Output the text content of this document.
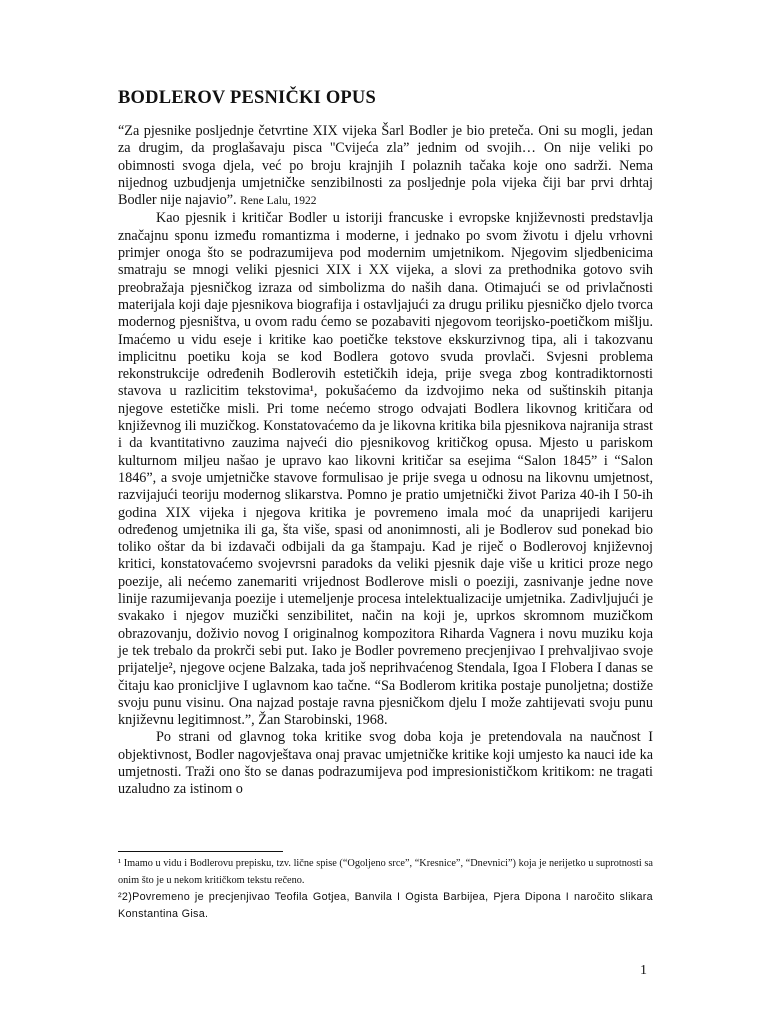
BODLEROV PESNIČKI OPUS

“Za pjesnike posljednje četvrtine XIX vijeka Šarl Bodler je bio preteča. Oni su mogli, jedan za drugim, da proglašavaju pisca ''Cvijeća zla” jednim od svojih… On nije veliki po obimnosti svoga djela, već po broju krajnjih I polaznih tačaka koje ono sadrži. Nema nijednog uzbudjenja umjetničke senzibilnosti za posljednje pola vijeka čiji bar prvi drhtaj Bodler nije najavio”. Rene Lalu, 1922

Kao pjesnik i kritičar Bodler u istoriji francuske i evropske književnosti predstavlja značajnu sponu između romantizma i moderne, i jednako po svom životu i djelu vrhovni primjer onoga što se podrazumijeva pod modernim umjetnikom. Njegovim sljedbenicima smatraju se mnogi veliki pjesnici XIX i XX vijeka, a slovi za prethodnika gotovo svih preobražaja pjesničkog izraza od simbolizma do naših dana. Otimajući se od privlačnosti materijala koji daje pjesnikova biografija i ostavljajući za drugu priliku pjesničko djelo tvorca modernog pjesništva, u ovom radu ćemo se pozabaviti njegovom teorijsko-poetičkom mišlju. Imaćemo u vidu eseje i kritike kao poetičke tekstove ekskurzivnog tipa, ali i takozvanu implicitnu poetiku koja se kod Bodlera gotovo svuda provlači. Svjesni problema rekonstrukcije određenih Bodlerovih estetičkih ideja, prije svega zbog kontradiktornosti stavova u razlicitim tekstovima¹, pokušaćemo da izdvojimo neka od suštinskih pitanja njegove estetičke misli. Pri tome nećemo strogo odvajati Bodlera likovnog kritičara od književnog ili muzičkog. Konstatovaćemo da je likovna kritika bila pjesnikova najranija strast i da kvantitativno zauzima najveći dio pjesnikovog kritičkog opusa. Mjesto u pariskom kulturnom miljeu našao je upravo kao likovni kritičar sa esejima “Salon 1845” i “Salon 1846”, a svoje umjetničke stavove formulisao je prije svega u odnosu na likovnu umjetnost, razvijajući teoriju modernog slikarstva. Pomno je pratio umjetnički život Pariza 40-ih I 50-ih godina XIX vijeka i njegova kritika je povremeno imala moć da unaprijedi karijeru određenog umjetnika ili ga, šta više, spasi od anonimnosti, ali je Bodlerov sud ponekad bio toliko oštar da bi izdavači odbijali da ga štampaju. Kad je riječ o Bodlerovoj književnoj kritici, konstatovaćemo svojevrsni paradoks da veliki pjesnik daje više u kritici proze nego poezije, ali nećemo zanemariti vrijednost Bodlerove misli o poeziji, zasnivanje jedne nove linije razumijevanja poezije i utemeljenje procesa intelektualizacije umjetnika. Zadivljujući je svakako i njegov muzički senzibilitet, način na koji je, uprkos skromnom muzičkom obrazovanju, doživio novog I originalnog kompozitora Riharda Vagnera i novu muziku koja je tek trebalo da prokrči sebi put. Iako je Bodler povremeno precjenjivao I prehvaljivao svoje prijatelje², njegove ocjene Balzaka, tada još neprihvaćenog Stendala, Igoa I Flobera I danas se čitaju kao pronicljive I uglavnom kao tačne. “Sa Bodlerom kritika postaje punoljetna; dostiže svoju punu visinu. Ona najzad postaje ravna pjesničkom djelu I može zahtijevati svoju punu književnu legitimnost.”, Žan Starobinski, 1968.

Po strani od glavnog toka kritike svog doba koja je pretendovala na naučnost I objektivnost, Bodler nagovještava onaj pravac umjetničke kritike koji umjesto ka nauci ide ka umjetnosti. Traži ono što se danas podrazumijeva pod impresionističkom kritikom: ne tragati uzaludno za istinom o

¹ Imamo u vidu i Bodlerovu prepisku, tzv. lične spise (“Ogoljeno srce”, “Kresnice”, “Dnevnici”) koja je nerijetko u suprotnosti sa onim što je u nekom kritičkom tekstu rečeno.

²2)Povremeno je precjenjivao Teofila Gotjea, Banvila I Ogista Barbijea, Pjera Dipona I naročito slikara Konstantina Gisa.

1
